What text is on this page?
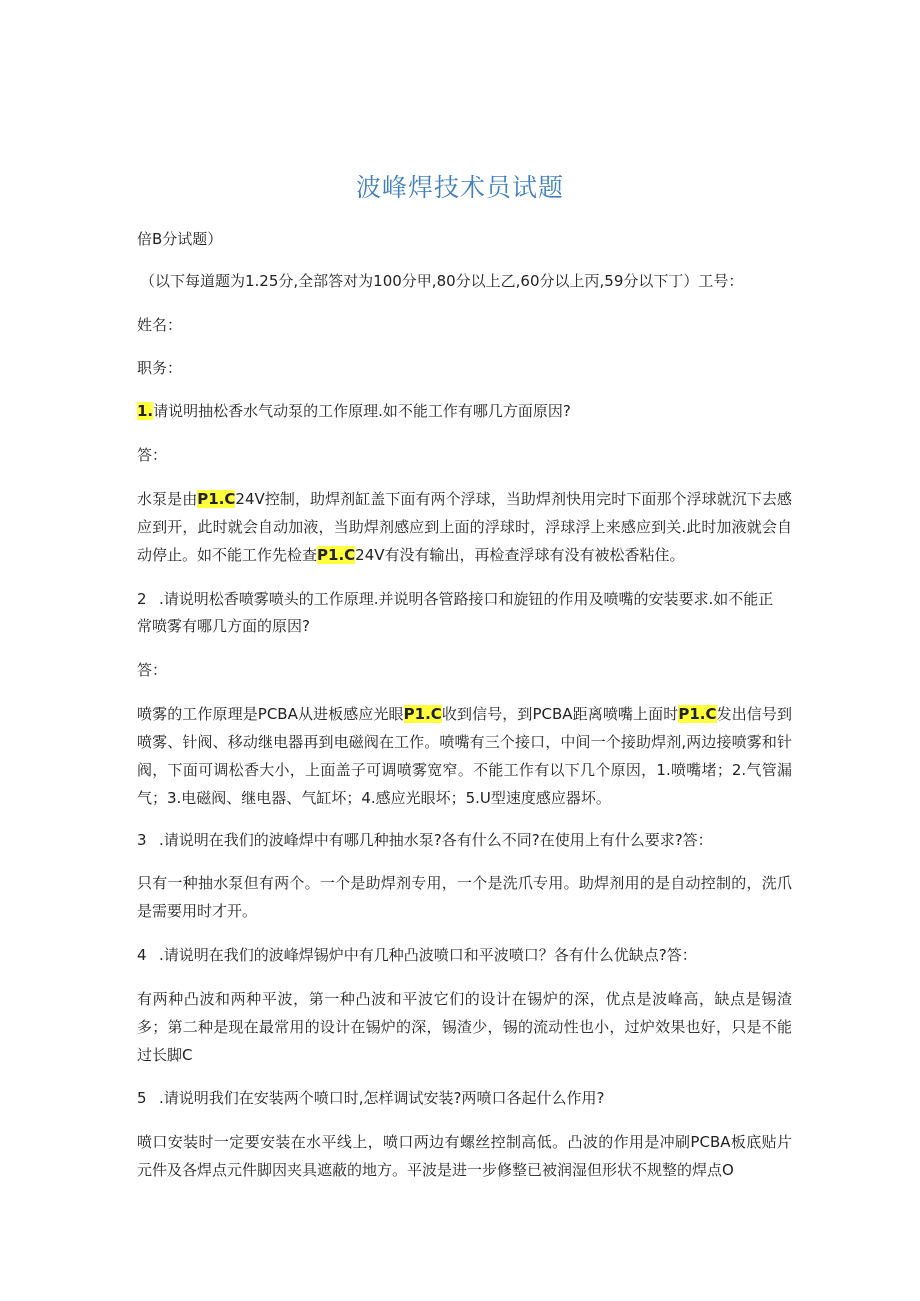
波峰焊技术员试题
倍B分试题）
（以下每道题为1.25分,全部答对为100分甲,80分以上乙,60分以上丙,59分以下丁）工号：
姓名：
职务：
1.请说明抽松香水气动泵的工作原理.如不能工作有哪几方面原因?
答：
水泵是由P1.C24V控制，助焊剂缸盖下面有两个浮球，当助焊剂快用完时下面那个浮球就沉下去感应到开，此时就会自动加液，当助焊剂感应到上面的浮球时，浮球浮上来感应到关.此时加液就会自动停止。如不能工作先检查P1.C24V有没有输出，再检查浮球有没有被松香粘住。
2 .请说明松香喷雾喷头的工作原理.并说明各管路接口和旋钮的作用及喷嘴的安装要求.如不能正
常喷雾有哪几方面的原因?
答：
喷雾的工作原理是PCBA从进板感应光眼P1.C收到信号，到PCBA距离喷嘴上面时P1.C发出信号到喷雾、针阀、移动继电器再到电磁阀在工作。喷嘴有三个接口，中间一个接助焊剂,两边接喷雾和针阀，下面可调松香大小，上面盖子可调喷雾宽窄。不能工作有以下几个原因，1.喷嘴堵；2.气管漏气；3.电磁阀、继电器、气缸坏；4.感应光眼坏；5.U型速度感应器坏。
3 .请说明在我们的波峰焊中有哪几种抽水泵?各有什么不同?在使用上有什么要求?答：
只有一种抽水泵但有两个。一个是助焊剂专用，一个是洗爪专用。助焊剂用的是自动控制的，洗爪是需要用时才开。
4 .请说明在我们的波峰焊锡炉中有几种凸波喷口和平波喷口？各有什么优缺点?答：
有两种凸波和两种平波，第一种凸波和平波它们的设计在锡炉的深，优点是波峰高，缺点是锡渣多；第二种是现在最常用的设计在锡炉的深，锡渣少，锡的流动性也小，过炉效果也好，只是不能过长脚C
5 .请说明我们在安装两个喷口时,怎样调试安装?两喷口各起什么作用?
喷口安装时一定要安装在水平线上，喷口两边有螺丝控制高低。凸波的作用是冲刷PCBA板底贴片元件及各焊点元件脚因夹具遮蔽的地方。平波是进一步修整已被润湿但形状不规整的焊点O
